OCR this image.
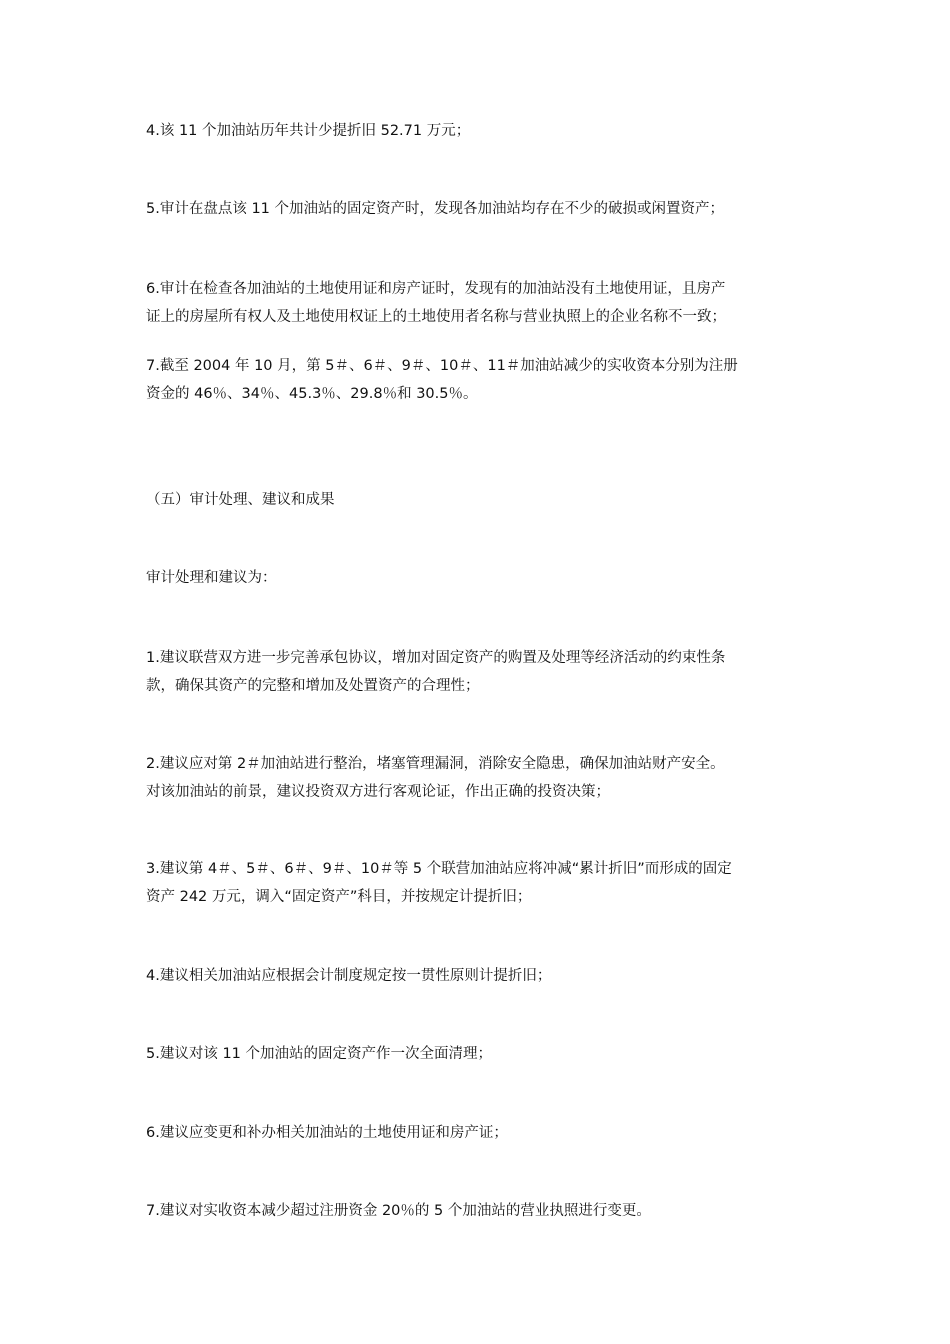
4.该 11 个加油站历年共计少提折旧 52.71 万元；

5.审计在盘点该 11 个加油站的固定资产时，发现各加油站均存在不少的破损或闲置资产；

6.审计在检查各加油站的土地使用证和房产证时，发现有的加油站没有土地使用证，且房产
证上的房屋所有权人及土地使用权证上的土地使用者名称与营业执照上的企业名称不一致；

7.截至 2004 年 10 月，第 5＃、6＃、9＃、10＃、11＃加油站减少的实收资本分别为注册
资金的 46％、34％、45.3％、29.8％和 30.5％。

（五）审计处理、建议和成果

审计处理和建议为：

1.建议联营双方进一步完善承包协议，增加对固定资产的购置及处理等经济活动的约束性条
款，确保其资产的完整和增加及处置资产的合理性；

2.建议应对第 2＃加油站进行整治，堵塞管理漏洞，消除安全隐患，确保加油站财产安全。
对该加油站的前景，建议投资双方进行客观论证，作出正确的投资决策；

3.建议第 4＃、5＃、6＃、9＃、10＃等 5 个联营加油站应将冲减“累计折旧”而形成的固定
资产 242 万元，调入“固定资产”科目，并按规定计提折旧；

4.建议相关加油站应根据会计制度规定按一贯性原则计提折旧；

5.建议对该 11 个加油站的固定资产作一次全面清理；

6.建议应变更和补办相关加油站的土地使用证和房产证；

7.建议对实收资本减少超过注册资金 20％的 5 个加油站的营业执照进行变更。
